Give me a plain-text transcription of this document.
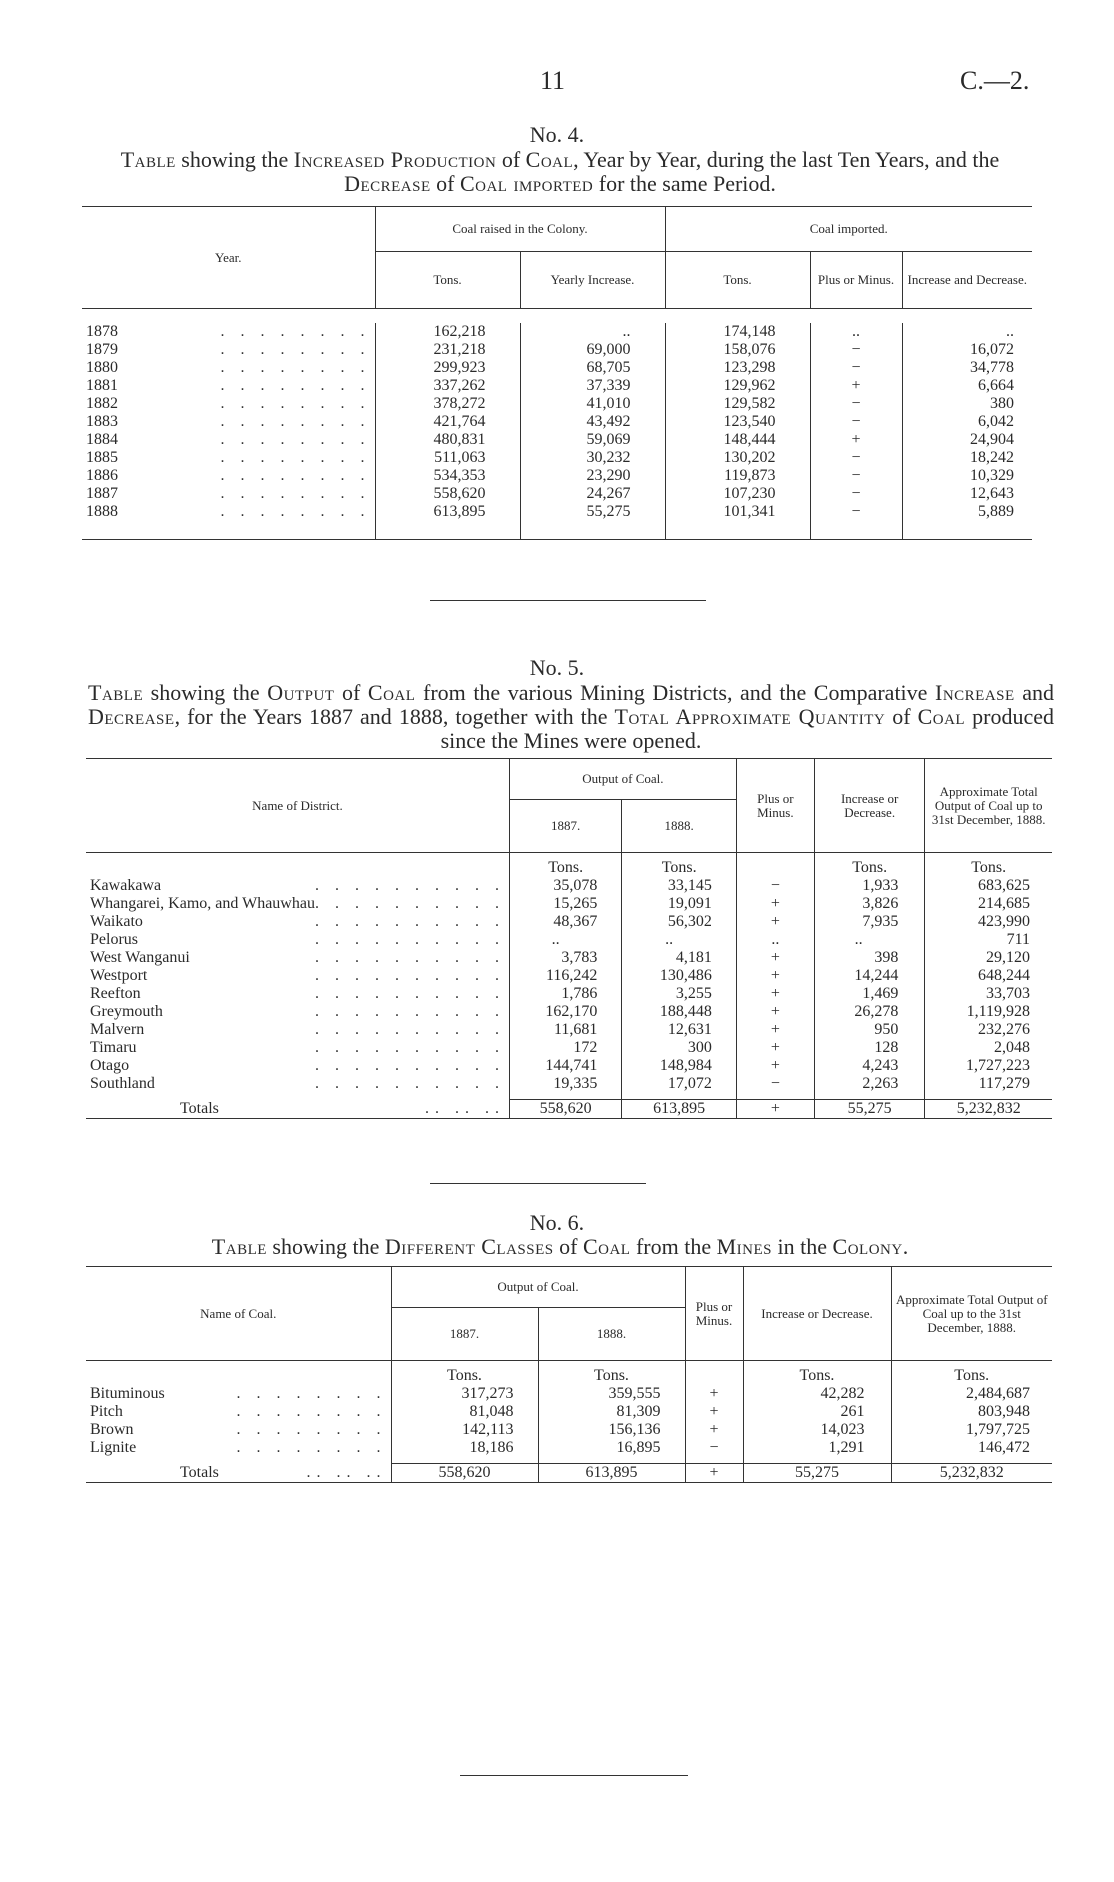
11	C.—2.
No. 4.
Table showing the Increased Production of Coal, Year by Year, during the last Ten Years, and the Decrease of Coal imported for the same Period.
Year.	Coal raised in the Colony.		Coal imported.		
	Tons.	Yearly Increase.	Tons.	Plus or Minus.	Increase and Decrease.

1878 . . . . . . . .	162,218	..	174,148	..	..

1879 . . . . . . . .	231,218	69,000	158,076	−	16,072

1880 . . . . . . . .	299,923	68,705	123,298	−	34,778

1881 . . . . . . . .	337,262	37,339	129,962	+	6,664

1882 . . . . . . . .	378,272	41,010	129,582	−	380

1883 . . . . . . . .	421,764	43,492	123,540	−	6,042

1884 . . . . . . . .	480,831	59,069	148,444	+	24,904

1885 . . . . . . . .	511,063	30,232	130,202	−	18,242

1886 . . . . . . . .	534,353	23,290	119,873	−	10,329

1887 . . . . . . . .	558,620	24,267	107,230	−	12,643

1888 . . . . . . . .	613,895	55,275	101,341	−	5,889

No. 5.
Table showing the Output of Coal from the various Mining Districts, and the Comparative Increase and Decrease, for the Years 1887 and 1888, together with the Total Approximate Quantity of Coal produced since the Mines were opened.
Name of District.	Output of Coal.		Plus or Minus.	Increase or Decrease.	Approximate Total Output of Coal up to 31st December, 1888.
	1887.	1888.			
	Tons.	Tons.		Tons.	Tons.

Kawakawa . . . . . . . . . .	35,078	33,145	−	1,933	683,625

Whangarei, Kamo, and Whauwhau . . . . . . . . . .	15,265	19,091	+	3,826	214,685

Waikato . . . . . . . . . .	48,367	56,302	+	7,935	423,990

Pelorus . . . . . . . . . .	..	..	..	..	711

West Wanganui . . . . . . . . . .	3,783	4,181	+	398	29,120

Westport . . . . . . . . . .	116,242	130,486	+	14,244	648,244

Reefton . . . . . . . . . .	1,786	3,255	+	1,469	33,703

Greymouth . . . . . . . . . .	162,170	188,448	+	26,278	1,119,928

Malvern . . . . . . . . . .	11,681	12,631	+	950	232,276

Timaru . . . . . . . . . .	172	300	+	128	2,048

Otago . . . . . . . . . .	144,741	148,984	+	4,243	1,727,223

Southland . . . . . . . . . .	19,335	17,072	−	2,263	117,279

Totals .. .. ..	558,620	613,895	+	55,275	5,232,832
No. 6.
Table showing the Different Classes of Coal from the Mines in the Colony.
Name of Coal.	Output of Coal.		Plus or Minus.	Increase or Decrease.	Approximate Total Output of Coal up to the 31st December, 1888.
	1887.	1888.			
	Tons.	Tons.		Tons.	Tons.

Bituminous . . . . . . . .	317,273	359,555	+	42,282	2,484,687

Pitch . . . . . . . .	81,048	81,309	+	261	803,948

Brown . . . . . . . .	142,113	156,136	+	14,023	1,797,725

Lignite . . . . . . . .	18,186	16,895	−	1,291	146,472

Totals .. .. ..	558,620	613,895	+	55,275	5,232,832
